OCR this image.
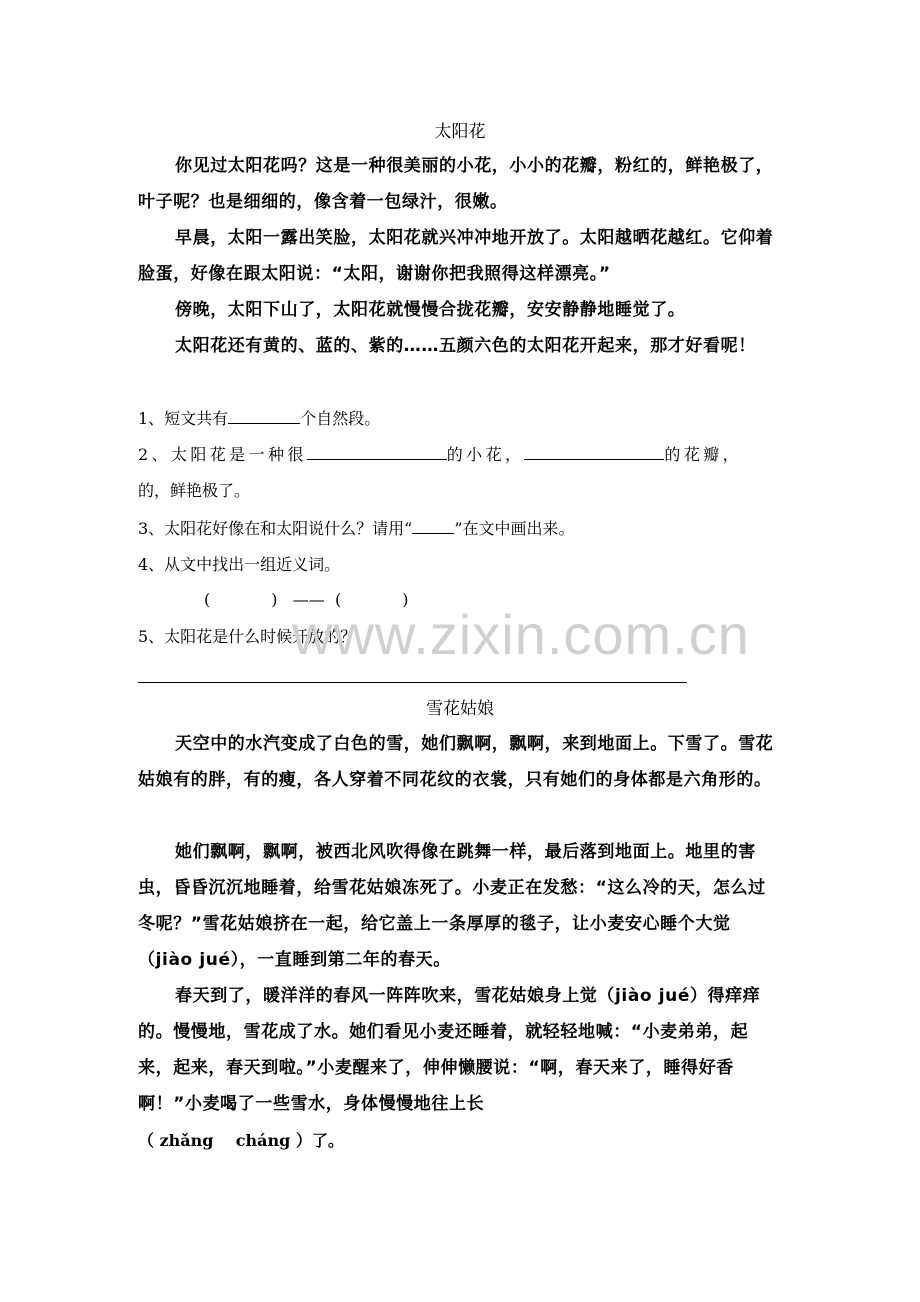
太阳花

你见过太阳花吗？这是一种很美丽的小花，小小的花瓣，粉红的，鲜艳极了，叶子呢？也是细细的，像含着一包绿汁，很嫩。

早晨，太阳一露出笑脸，太阳花就兴冲冲地开放了。太阳越晒花越红。它仰着脸蛋，好像在跟太阳说：“太阳，谢谢你把我照得这样漂亮。”

傍晚，太阳下山了，太阳花就慢慢合拢花瓣，安安静静地睡觉了。

太阳花还有黄的、蓝的、紫的……五颜六色的太阳花开起来，那才好看呢！

1、短文共有	个自然段。

2、太阳花是一种很	的小花，	的花瓣，

的，鲜艳极了。

3、太阳花好像在和太阳说什么？请用“	”在文中画出来。

4、从文中找出一组近义词。

(            )   ——  (            )

5、太阳花是什么时候开放的？

www.zixin.com.cn
雪花姑娘

天空中的水汽变成了白色的雪，她们飘啊，飘啊，来到地面上。下雪了。雪花姑娘有的胖，有的瘦，各人穿着不同花纹的衣裳，只有她们的身体都是六角形的。

她们飘啊，飘啊，被西北风吹得像在跳舞一样，最后落到地面上。地里的害虫，昏昏沉沉地睡着，给雪花姑娘冻死了。小麦正在发愁：“这么冷的天，怎么过冬呢？”雪花姑娘挤在一起，给它盖上一条厚厚的毯子，让小麦安心睡个大觉（jiào jué），一直睡到第二年的春天。

春天到了，暖洋洋的春风一阵阵吹来，雪花姑娘身上觉（jiào jué）得痒痒的。慢慢地，雪花成了水。她们看见小麦还睡着，就轻轻地喊：“小麦弟弟，起来，起来，春天到啦。”小麦醒来了，伸伸懒腰说：“啊，春天来了，睡得好香啊！”小麦喝了一些雪水，身体慢慢地往上长

（ zhǎng    cháng ）了。
